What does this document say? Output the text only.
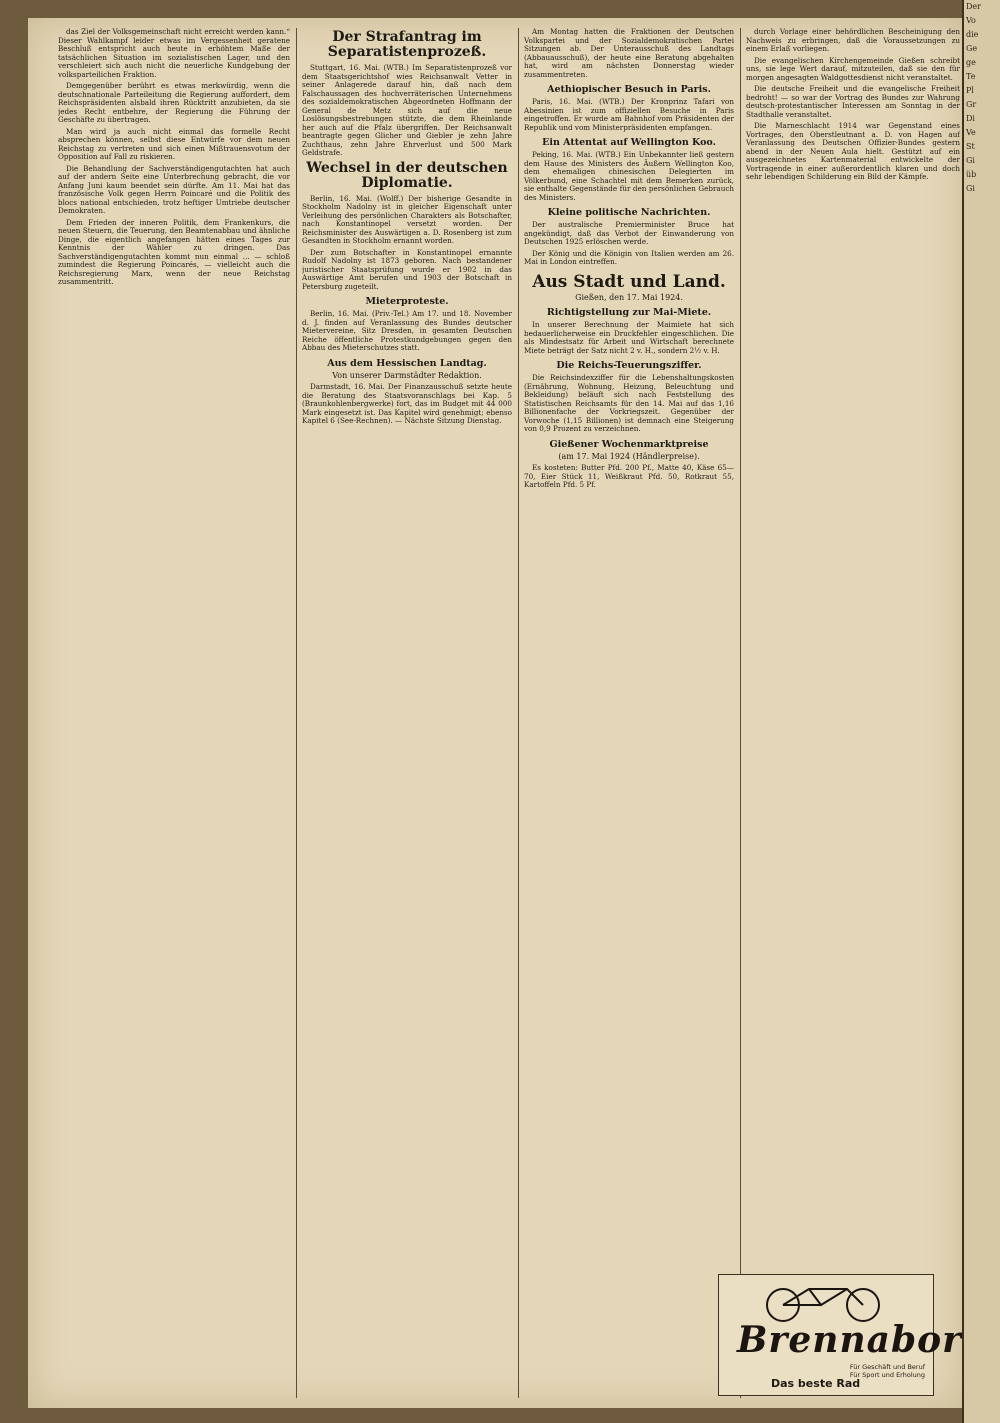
das Ziel der Volksgemeinschaft nicht erreicht werden kann.“ Dieser Wahlkampf leider etwas im Vergessenheit geratene Beschluß entspricht auch heute in erhöhtem Maße der tatsächlichen Situation im sozialistischen Lager, und den verschleiert sich auch nicht die neuerliche Kundgebung der volksparteilichen Fraktion.

Demgegenüber berührt es etwas merkwürdig, wenn die deutschnationale Parteileitung die Regierung auffordert, dem Reichspräsidenten alsbald ihren Rücktritt anzubieten, da sie jedes Recht entbehre, der Regierung die Führung der Geschäfte zu übertragen.

Man wird ja auch nicht einmal das formelle Recht absprechen können, selbst diese Entwürfe vor dem neuen Reichstag zu vertreten und sich einen Mißtrauensvotum der Opposition auf Fall zu riskieren.

Die Behandlung der Sachverständigengutachten hat auch auf der andern Seite eine Unterbrechung gebracht, die vor Anfang Juni kaum beendet sein dürfte. Am 11. Mai hat das französische Volk gegen Herrn Poincaré und die Politik des blocs national entschieden, trotz heftiger Umtriebe deutscher Demokraten.

Dem Frieden der inneren Politik, dem Frankenkurs, die neuen Steuern, die Teuerung, den Beamtenabbau und ähnliche Dinge, die eigentlich angefangen hätten eines Tages zur Kenntnis der Wähler zu dringen. Das Sachverständigengutachten kommt nun einmal ... — schloß zumindest die Regierung Poincarés, — vielleicht auch die Reichsregierung Marx, wenn der neue Reichstag zusammentritt.

Der Strafantrag im Separatistenprozeß.

Stuttgart, 16. Mai. (WTB.) Im Separatistenprozeß vor dem Staatsgerichtshof wies Reichsanwalt Vetter in seiner Anlagerede darauf hin, daß nach dem Falschaussagen des hochverräterischen Unternehmens des sozialdemokratischen Abgeordneten Hoffmann der General de Metz sich auf die neue Loslösungsbestrebungen stützte, die dem Rheinlande her auch auf die Pfalz übergriffen. Der Reichsanwalt beantragte gegen Glicher und Giebler je zehn Jahre Zuchthaus, zehn Jahre Ehrverlust und 500 Mark Geldstrafe.

Wechsel in der deutschen Diplomatie.

Berlin, 16. Mai. (Wolff.) Der bisherige Gesandte in Stockholm Nadolny ist in gleicher Eigenschaft unter Verleihung des persönlichen Charakters als Botschafter, nach Konstantinopel versetzt worden. Der Reichsminister des Auswärtigen a. D. Rosenberg ist zum Gesandten in Stockholm ernannt worden.

Der zum Botschafter in Konstantinopel ernannte Rudolf Nadolny ist 1873 geboren. Nach bestandener juristischer Staatsprüfung wurde er 1902 in das Auswärtige Amt berufen und 1903 der Botschaft in Petersburg zugeteilt.

Mieterproteste.

Berlin, 16. Mai. (Priv.-Tel.) Am 17. und 18. November d. J. finden auf Veranlassung des Bundes deutscher Mietervereine, Sitz Dresden, in gesamten Deutschen Reiche öffentliche Protestkundgebungen gegen den Abbau des Mieterschutzes statt.

Aus dem Hessischen Landtag.
Von unserer Darmstädter Redaktion.

Darmstadt, 16. Mai. Der Finanzausschuß setzte heute die Beratung des Staatsvoranschlags bei Kap. 5 (Braunkohlenbergwerke) fort, das im Budget mit 44 000 Mark eingesetzt ist. Das Kapitel wird genehmigt; ebenso Kapitel 6 (See-Rechnen). — Nächste Sitzung Dienstag.

Am Montag hatten die Fraktionen der Deutschen Volkspartei und der Sozialdemokratischen Partei Sitzungen ab. Der Unterausschuß des Landtags (Abbauausschuß), der heute eine Beratung abgehalten hat, wird am nächsten Donnerstag wieder zusammentreten.

Aethiopischer Besuch in Paris.

Paris, 16. Mai. (WTB.) Der Kronprinz Tafari von Abessinien ist zum offiziellen Besuche in Paris eingetroffen. Er wurde am Bahnhof vom Präsidenten der Republik und vom Ministerpräsidenten empfangen.

Ein Attentat auf Wellington Koo.

Peking, 16. Mai. (WTB.) Ein Unbekannter ließ gestern dem Hause des Ministers des Äußern Wellington Koo, dem ehemaligen chinesischen Delegierten im Völkerbund, eine Schachtel mit dem Bemerken zurück, sie enthalte Gegenstände für den persönlichen Gebrauch des Ministers.

Kleine politische Nachrichten.

Der australische Premierminister Bruce hat angekündigt, daß das Verbot der Einwanderung von Deutschen 1925 erlöschen werde.

Der König und die Königin von Italien werden am 26. Mai in London eintreffen.

Aus Stadt und Land.
Gießen, den 17. Mai 1924.
Richtigstellung zur Mai-Miete.

In unserer Berechnung der Maimiete hat sich bedauerlicherweise ein Druckfehler eingeschlichen. Die als Mindestsatz für Arbeit und Wirtschaft berechnete Miete beträgt der Satz nicht 2 v. H., sondern 2½ v. H.

Die Reichs-Teuerungsziffer.

Die Reichsindexziffer für die Lebenshaltungskosten (Ernährung, Wohnung, Heizung, Beleuchtung und Bekleidung) beläuft sich nach Feststellung des Statistischen Reichsamts für den 14. Mai auf das 1,16 Billionenfache der Vorkriegszeit. Gegenüber der Vorwoche (1,15 Billionen) ist demnach eine Steigerung von 0,9 Prozent zu verzeichnen.

Gießener Wochenmarktpreise
(am 17. Mai 1924 (Händlerpreise).

Es kosteten: Butter Pfd. 200 Pf., Matte 40, Käse 65—70, Eier Stück 11, Weißkraut Pfd. 50, Rotkraut 55, Kartoffeln Pfd. 5 Pf.

durch Vorlage einer behördlichen Bescheinigung den Nachweis zu erbringen, daß die Voraussetzungen zu einem Erlaß vorliegen.

Die evangelischen Kirchengemeinde Gießen schreibt uns, sie lege Wert darauf, mitzuteilen, daß sie den für morgen angesagten Waldgottesdienst nicht veranstaltet.

Die deutsche Freiheit und die evangelische Freiheit bedroht! — so war der Vortrag des Bundes zur Wahrung deutsch-protestantischer Interessen am Sonntag in der Stadthalle veranstaltet.

Die Marneschlacht 1914 war Gegenstand eines Vortrages, den Oberstleutnant a. D. von Hagen auf Veranlassung des Deutschen Offizier-Bundes gestern abend in der Neuen Aula hielt. Gestützt auf ein ausgezeichnetes Kartenmaterial entwickelte der Vortragende in einer außerordentlich klaren und doch sehr lebendigen Schilderung ein Bild der Kämpfe.

Brennabor
Für Geschäft und Beruf
Für Sport und Erholung
Das beste Rad

Der

Vo

die

Ge

ge

Te

Pl

Gr

Di

Ve

St

Gi

üb

Gi
